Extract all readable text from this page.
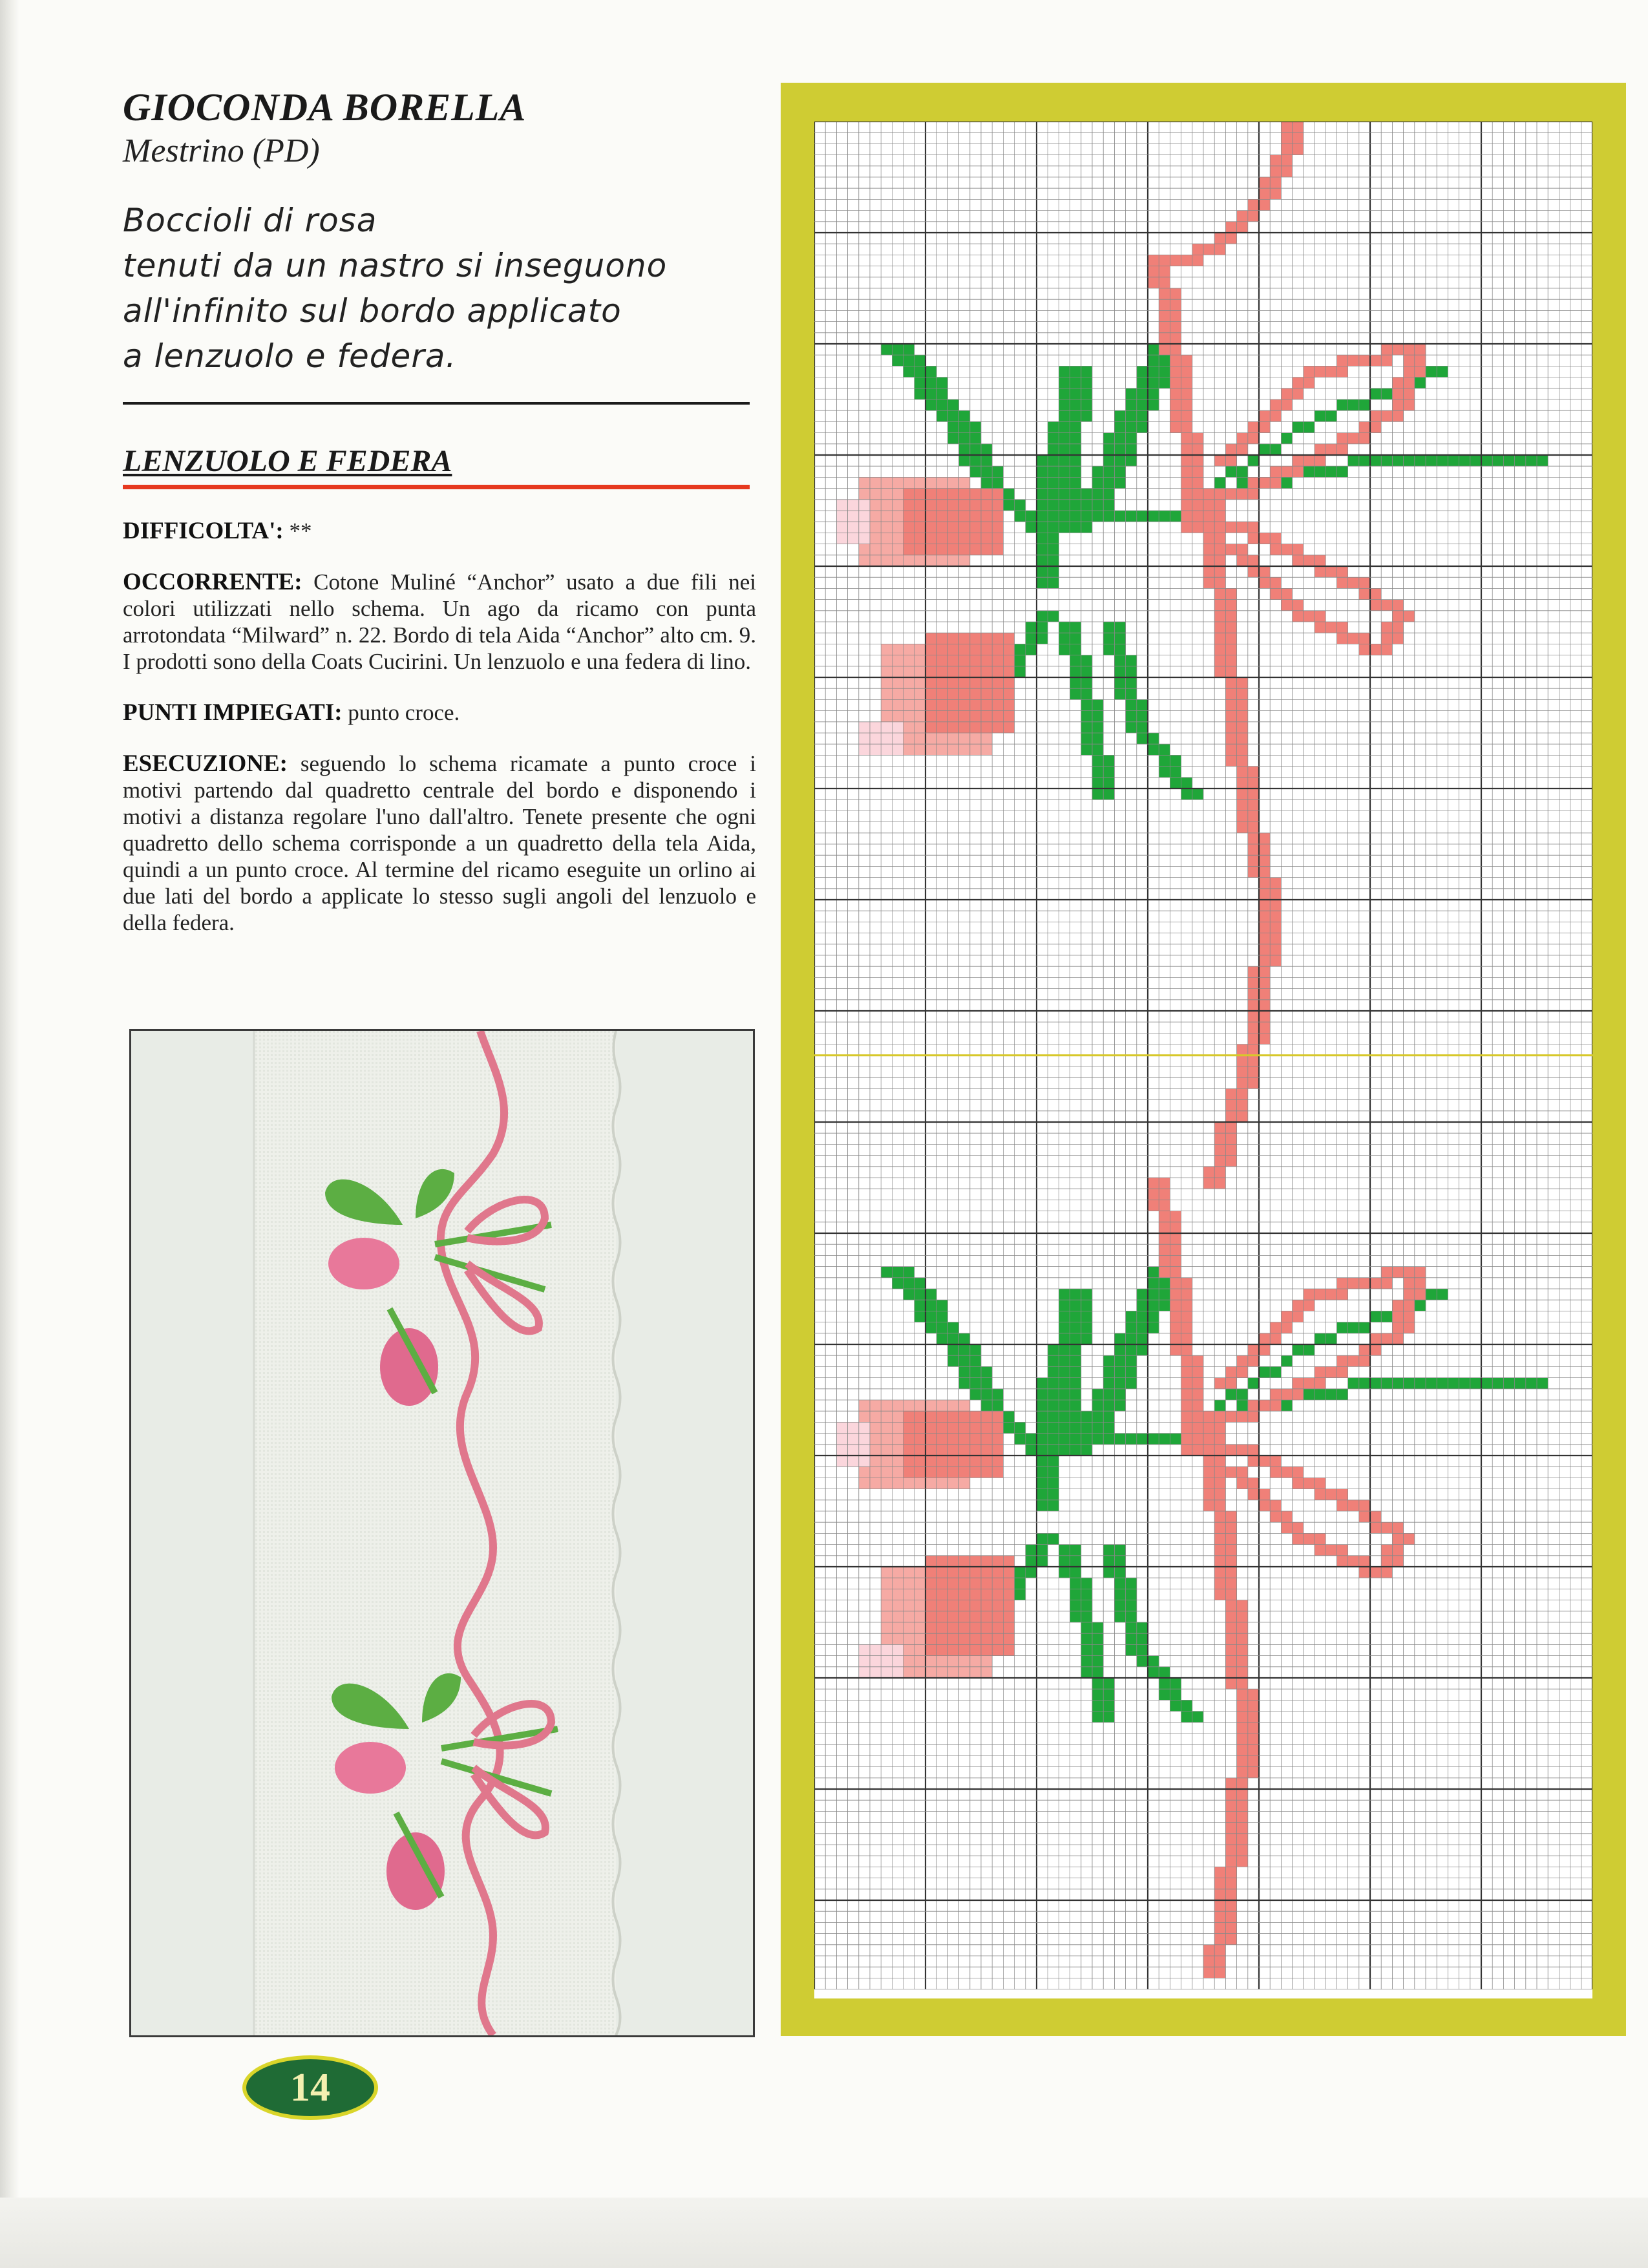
GIOCONDA BORELLA

Mestrino (PD)

Boccioli di rosa

tenuti da un nastro si inseguono

all'infinito sul bordo applicato

a lenzuolo e federa.

LENZUOLO E FEDERA

DIFFICOLTA': **

OCCORRENTE: Cotone Muliné “Anchor” usato a due fili nei colori utilizzati nello schema. Un ago da ricamo con punta arrotondata “Milward” n. 22. Bordo di tela Aida “Anchor” alto cm. 9. I prodotti sono della Coats Cucirini. Un lenzuolo e una federa di lino.

PUNTI IMPIEGATI: punto croce.

ESECUZIONE: seguendo lo schema ricamate a punto croce i motivi partendo dal quadretto centrale del bordo e disponendo i motivi a distanza regolare l'uno dall'altro. Tenete presente che ogni quadretto dello schema corrisponde a un quadretto della tela Aida, quindi a un punto croce. Al termine del ricamo eseguite un orlino ai due lati del bordo a applicate lo stesso sugli angoli del lenzuolo e della federa.

14
